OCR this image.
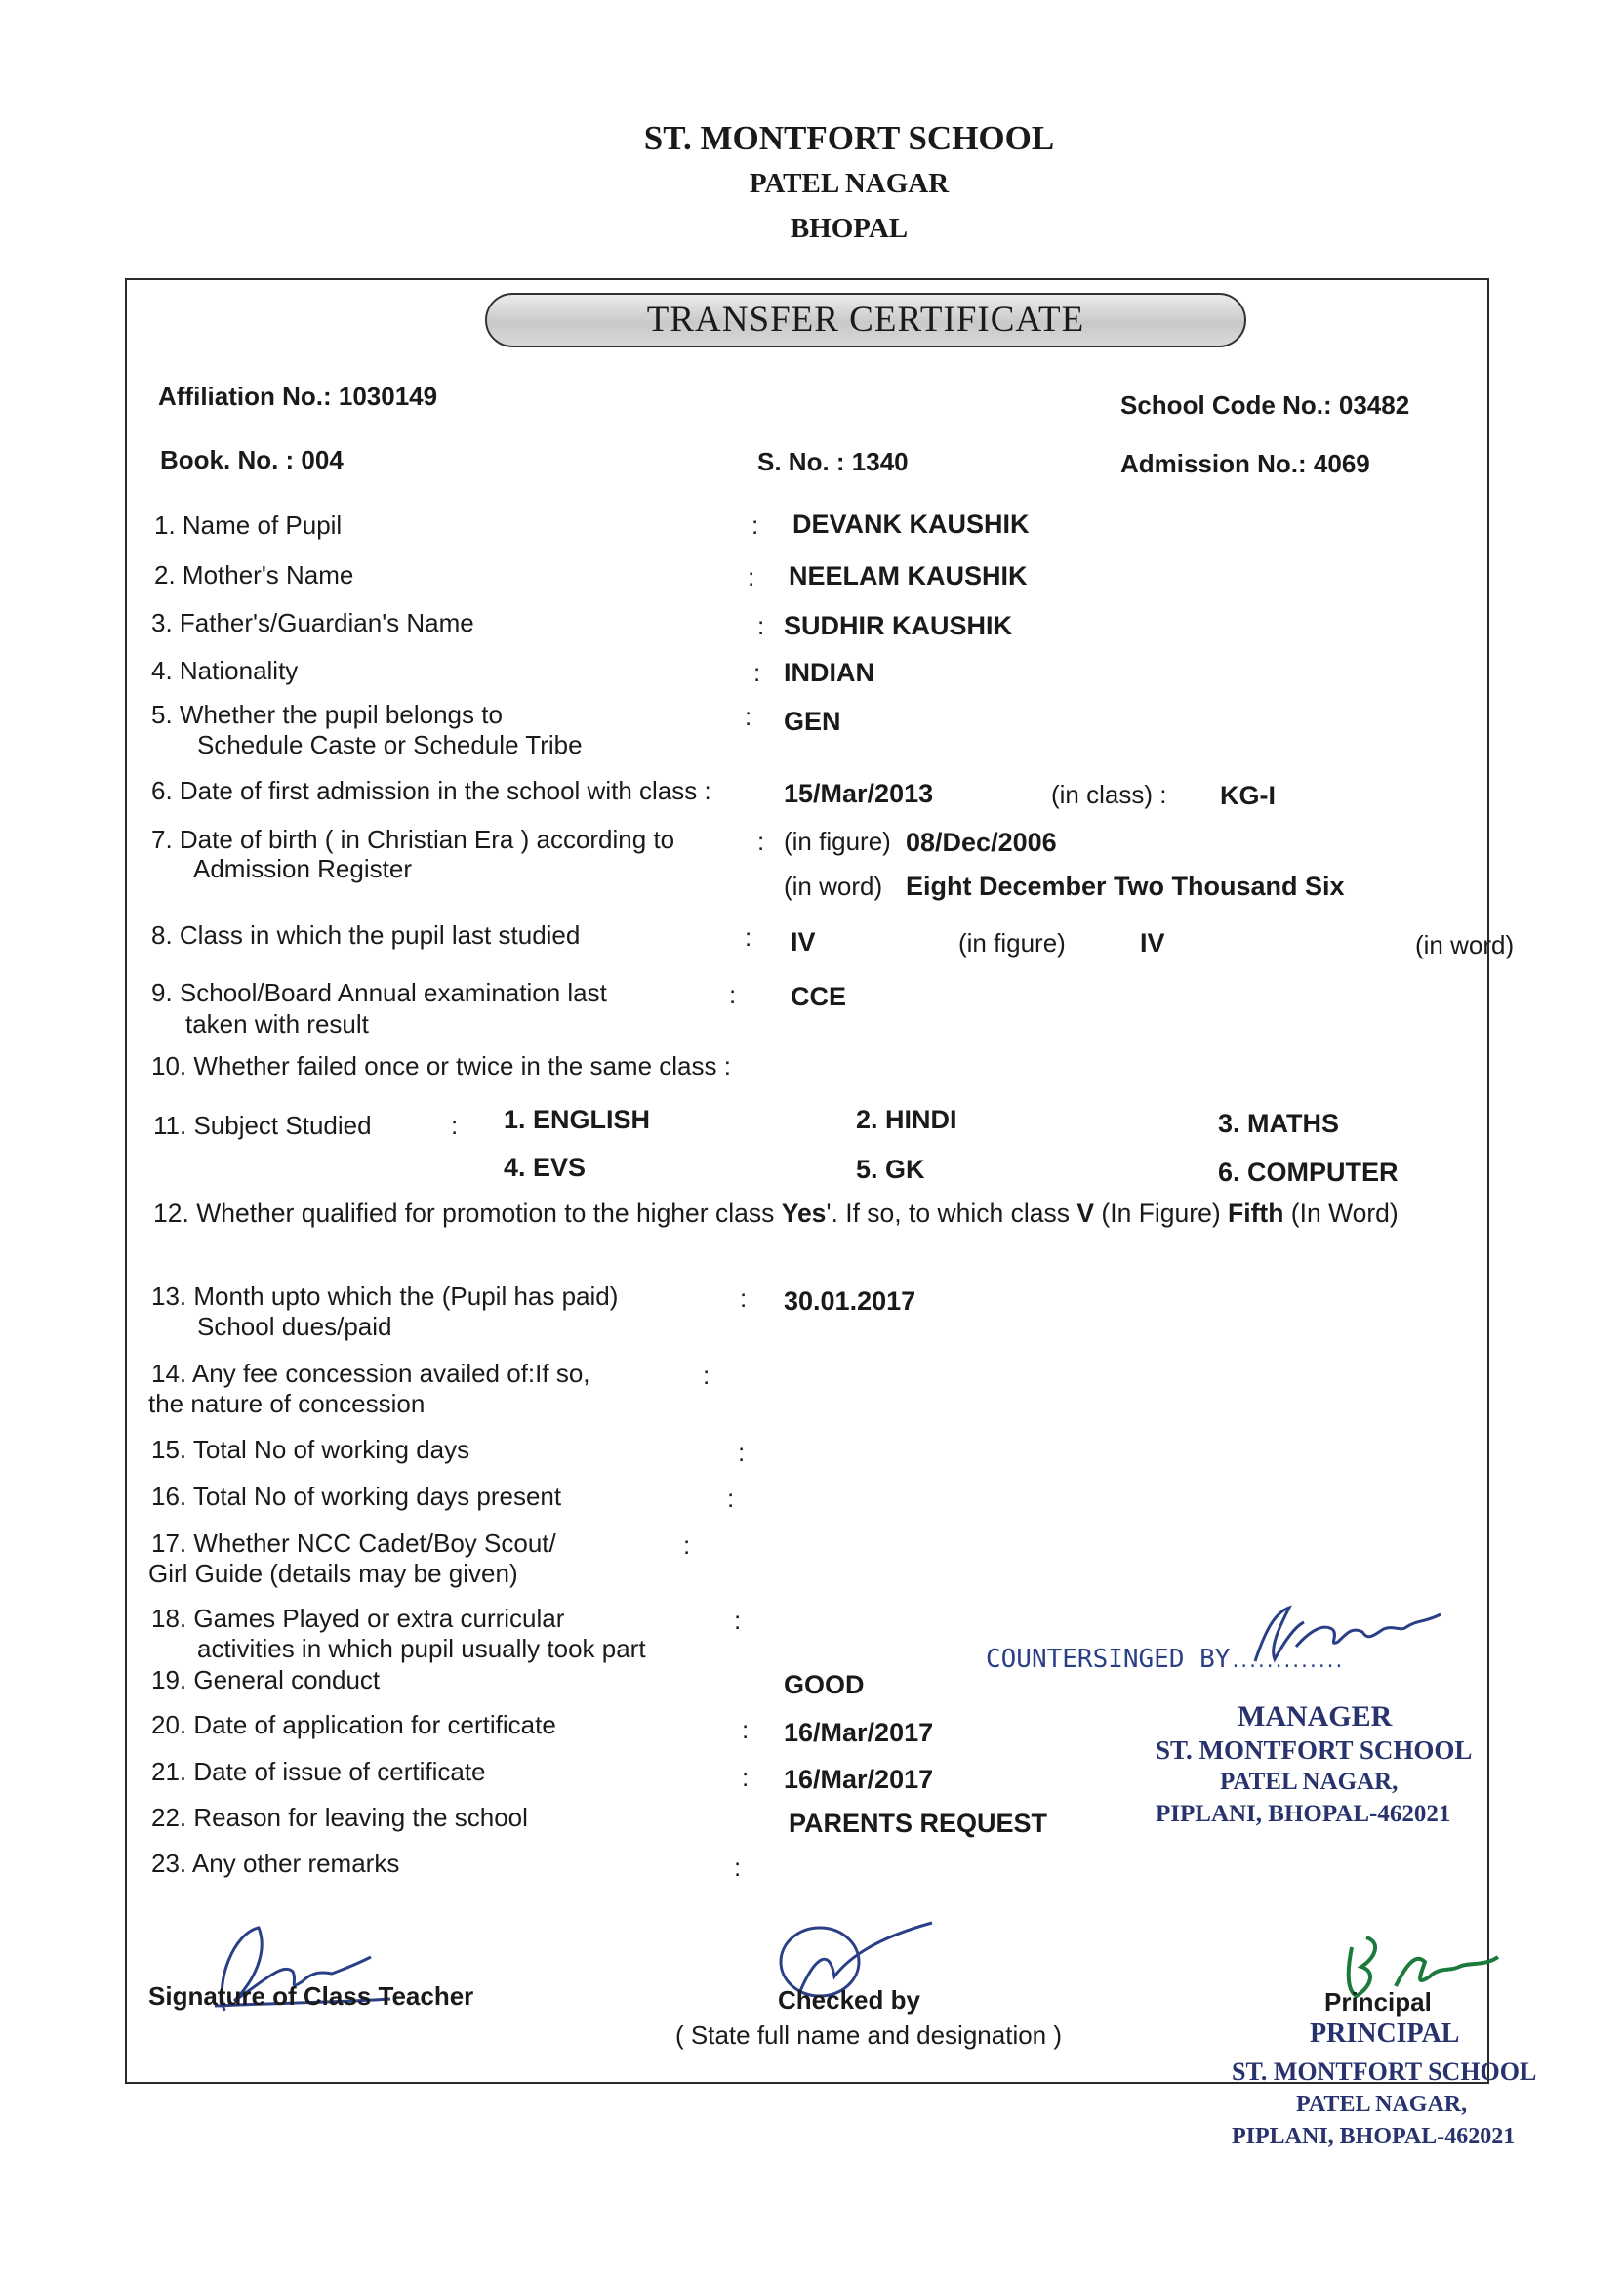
ST. MONTFORT SCHOOL
PATEL NAGAR
BHOPAL
TRANSFER CERTIFICATE
Affiliation No.: 1030149	School Code No.: 03482
Book. No. : 004	S. No. : 1340	Admission No.: 4069
1. Name of Pupil	: DEVANK KAUSHIK
2. Mother's Name	: NEELAM KAUSHIK
3. Father's/Guardian's Name	: SUDHIR KAUSHIK
4. Nationality	: INDIAN
5. Whether the pupil belongs to
Schedule Caste or Schedule Tribe
: GEN
6. Date of first admission in the school with class :	15/Mar/2013	(in class) : KG-I
7. Date of birth ( in Christian Era ) according to
Admission Register
: (in figure) 08/Dec/2006
(in word) Eight December Two Thousand Six
8. Class in which the pupil last studied	: IV	(in figure)	IV	(in word)
9. School/Board Annual examination last
taken with result
: CCE
10. Whether failed once or twice in the same class :
11. Subject Studied	: 1. ENGLISH	2. HINDI	3. MATHS
4. EVS	5. GK	6. COMPUTER
12. Whether qualified for promotion to the higher class Yes'. If so, to which class V (In Figure) Fifth (In Word)
13. Month upto which the (Pupil has paid)
School dues/paid
: 30.01.2017
14. Any fee concession availed of:If so,
the nature of concession
:
15. Total No of working days	:
16. Total No of working days present	:
17. Whether NCC Cadet/Boy Scout/
Girl Guide (details may be given)
:
18. Games Played or extra curricular
activities in which pupil usually took part
:
19. General conduct	GOOD
20. Date of application for certificate	: 16/Mar/2017
21. Date of issue of certificate	: 16/Mar/2017
22. Reason for leaving the school	PARENTS REQUEST
23. Any other remarks	:
COUNTERSINGED BY.............
MANAGER
ST. MONTFORT SCHOOL
PATEL NAGAR,
PIPLANI, BHOPAL-462021
Signature of Class Teacher	Checked by
( State full name and designation )
Principal
PRINCIPAL
ST. MONTFORT SCHOOL
PATEL NAGAR,
PIPLANI, BHOPAL-462021
